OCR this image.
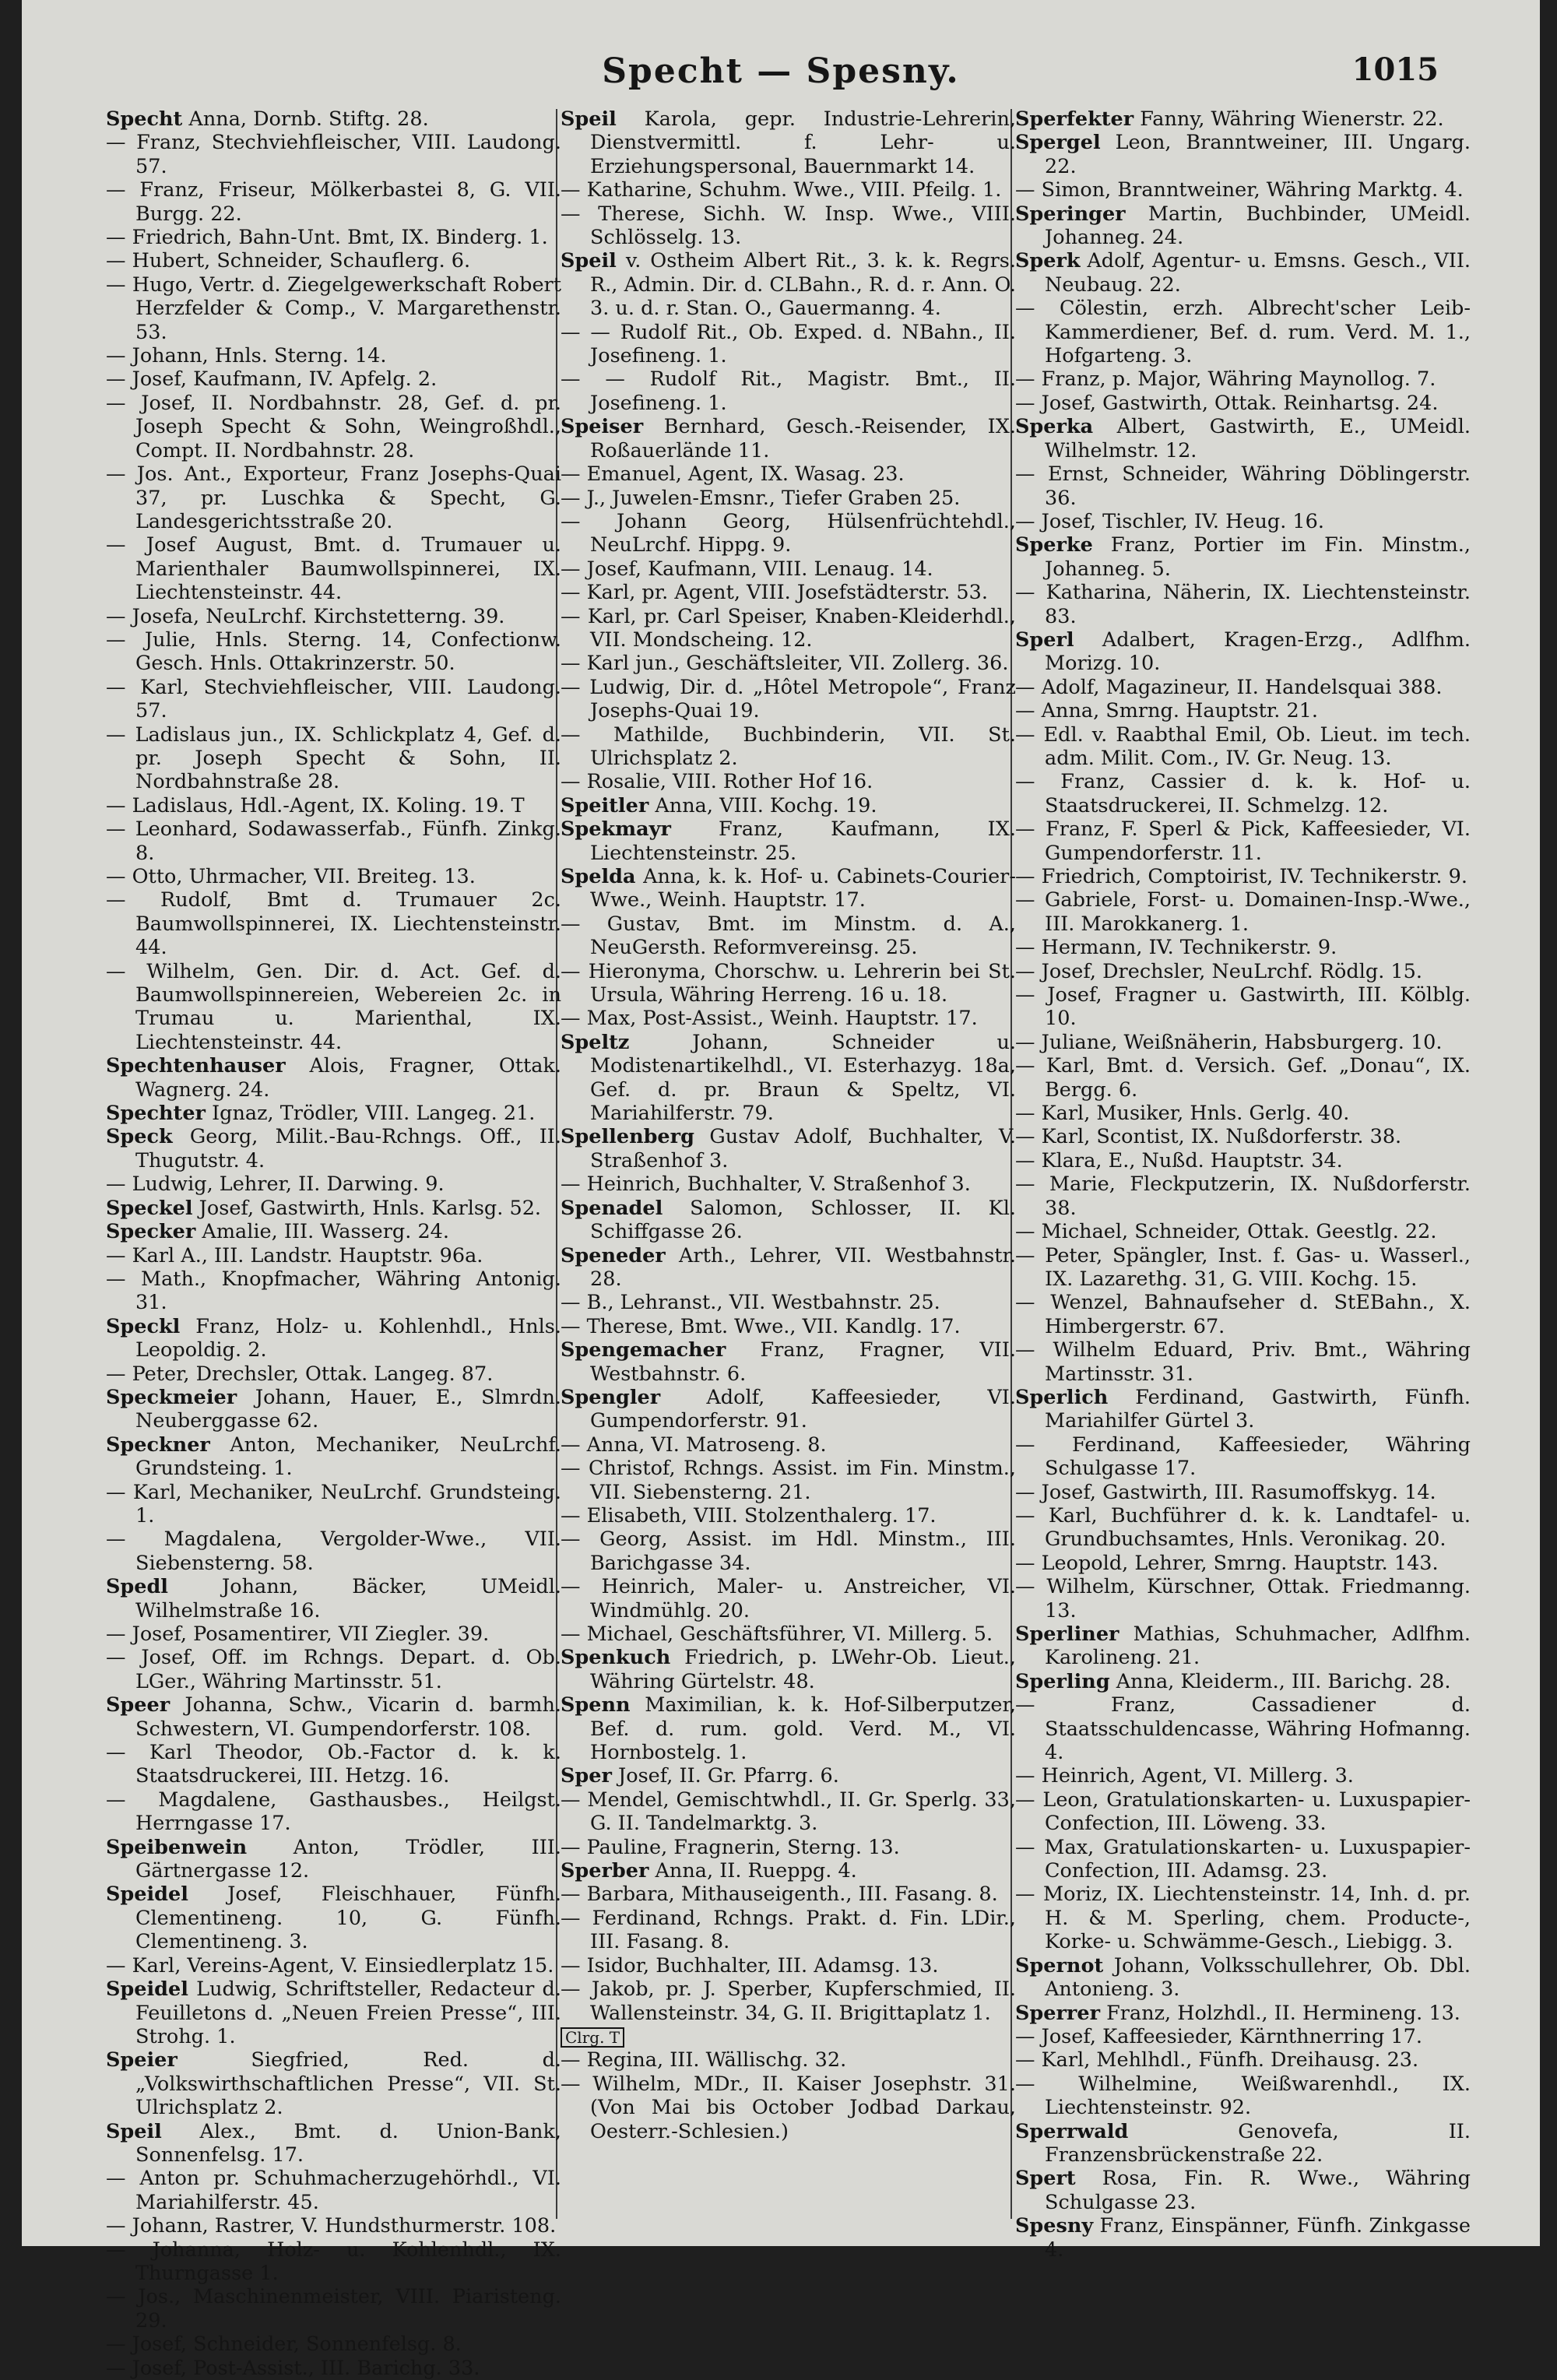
Specht — Spesny.	1015

Specht Anna, Dornb. Stiftg. 28.

— Franz, Stechviehfleischer, VIII. Laudong. 57.

— Franz, Friseur, Mölkerbastei 8, G. VII. Burgg. 22.

— Friedrich, Bahn-Unt. Bmt, IX. Binderg. 1.

— Hubert, Schneider, Schauflerg. 6.

— Hugo, Vertr. d. Ziegelgewerkschaft Robert Herzfelder & Comp., V. Margarethenstr. 53.

— Johann, Hnls. Sterng. 14.

— Josef, Kaufmann, IV. Apfelg. 2.

— Josef, II. Nordbahnstr. 28, Gef. d. pr. Joseph Specht & Sohn, Weingroßhdl., Compt. II. Nordbahnstr. 28.

— Jos. Ant., Exporteur, Franz Josephs-Quai 37, pr. Luschka & Specht, G. Landesgerichtsstraße 20.

— Josef August, Bmt. d. Trumauer u. Marienthaler Baumwollspinnerei, IX. Liechtensteinstr. 44.

— Josefa, NeuLrchf. Kirchstetterng. 39.

— Julie, Hnls. Sterng. 14, Confectionw. Gesch. Hnls. Ottakrinzerstr. 50.

— Karl, Stechviehfleischer, VIII. Laudong. 57.

— Ladislaus jun., IX. Schlickplatz 4, Gef. d. pr. Joseph Specht & Sohn, II. Nordbahnstraße 28.

— Ladislaus, Hdl.-Agent, IX. Koling. 19. T

— Leonhard, Sodawasserfab., Fünfh. Zinkg. 8.

— Otto, Uhrmacher, VII. Breiteg. 13.

— Rudolf, Bmt d. Trumauer 2c. Baumwollspinnerei, IX. Liechtensteinstr. 44.

— Wilhelm, Gen. Dir. d. Act. Gef. d. Baumwollspinnereien, Webereien 2c. in Trumau u. Marienthal, IX. Liechtensteinstr. 44.

Spechtenhauser Alois, Fragner, Ottak. Wagnerg. 24.

Spechter Ignaz, Trödler, VIII. Langeg. 21.

Speck Georg, Milit.-Bau-Rchngs. Off., II. Thugutstr. 4.

— Ludwig, Lehrer, II. Darwing. 9.

Speckel Josef, Gastwirth, Hnls. Karlsg. 52.

Specker Amalie, III. Wasserg. 24.

— Karl A., III. Landstr. Hauptstr. 96a.

— Math., Knopfmacher, Währing Antonig. 31.

Speckl Franz, Holz- u. Kohlenhdl., Hnls. Leopoldig. 2.

— Peter, Drechsler, Ottak. Langeg. 87.

Speckmeier Johann, Hauer, E., Slmrdn. Neuberggasse 62.

Speckner Anton, Mechaniker, NeuLrchf. Grundsteing. 1.

— Karl, Mechaniker, NeuLrchf. Grundsteing. 1.

— Magdalena, Vergolder-Wwe., VII. Siebensterng. 58.

Spedl Johann, Bäcker, UMeidl. Wilhelmstraße 16.

— Josef, Posamentirer, VII Ziegler. 39.

— Josef, Off. im Rchngs. Depart. d. Ob. LGer., Währing Martinsstr. 51.

Speer Johanna, Schw., Vicarin d. barmh. Schwestern, VI. Gumpendorferstr. 108.

— Karl Theodor, Ob.-Factor d. k. k. Staatsdruckerei, III. Hetzg. 16.

— Magdalene, Gasthausbes., Heilgst. Herrngasse 17.

Speibenwein Anton, Trödler, III. Gärtnergasse 12.

Speidel Josef, Fleischhauer, Fünfh. Clementineng. 10, G. Fünfh. Clementineng. 3.

— Karl, Vereins-Agent, V. Einsiedlerplatz 15.

Speidel Ludwig, Schriftsteller, Redacteur d. Feuilletons d. „Neuen Freien Presse“, III. Strohg. 1.

Speier Siegfried, Red. d. „Volkswirthschaftlichen Presse“, VII. St. Ulrichsplatz 2.

Speil Alex., Bmt. d. Union-Bank, Sonnenfelsg. 17.

— Anton pr. Schuhmacherzugehörhdl., VI. Mariahilferstr. 45.

— Johann, Rastrer, V. Hundsthurmerstr. 108.

— Johanna, Holz- u. Kohlenhdl., IX. Thurngasse 1.

— Jos., Maschinenmeister, VIII. Piaristeng. 29.

— Josef, Schneider, Sonnenfelsg. 8.

— Josef, Post-Assist., III. Barichg. 33.

Speil Karola, gepr. Industrie-Lehrerin, Dienstvermittl. f. Lehr- u. Erziehungspersonal, Bauernmarkt 14.

— Katharine, Schuhm. Wwe., VIII. Pfeilg. 1.

— Therese, Sichh. W. Insp. Wwe., VIII. Schlösselg. 13.

Speil v. Ostheim Albert Rit., 3. k. k. Regrs. R., Admin. Dir. d. CLBahn., R. d. r. Ann. O. 3. u. d. r. Stan. O., Gauermanng. 4.

— — Rudolf Rit., Ob. Exped. d. NBahn., II. Josefineng. 1.

— — Rudolf Rit., Magistr. Bmt., II. Josefineng. 1.

Speiser Bernhard, Gesch.-Reisender, IX. Roßauerlände 11.

— Emanuel, Agent, IX. Wasag. 23.

— J., Juwelen-Emsnr., Tiefer Graben 25.

— Johann Georg, Hülsenfrüchtehdl., NeuLrchf. Hippg. 9.

— Josef, Kaufmann, VIII. Lenaug. 14.

— Karl, pr. Agent, VIII. Josefstädterstr. 53.

— Karl, pr. Carl Speiser, Knaben-Kleiderhdl., VII. Mondscheing. 12.

— Karl jun., Geschäftsleiter, VII. Zollerg. 36.

— Ludwig, Dir. d. „Hôtel Metropole“, Franz Josephs-Quai 19.

— Mathilde, Buchbinderin, VII. St. Ulrichsplatz 2.

— Rosalie, VIII. Rother Hof 16.

Speitler Anna, VIII. Kochg. 19.

Spekmayr Franz, Kaufmann, IX. Liechtensteinstr. 25.

Spelda Anna, k. k. Hof- u. Cabinets-Courier-Wwe., Weinh. Hauptstr. 17.

— Gustav, Bmt. im Minstm. d. A., NeuGersth. Reformvereinsg. 25.

— Hieronyma, Chorschw. u. Lehrerin bei St. Ursula, Währing Herreng. 16 u. 18.

— Max, Post-Assist., Weinh. Hauptstr. 17.

Speltz Johann, Schneider u. Modistenartikelhdl., VI. Esterhazyg. 18a, Gef. d. pr. Braun & Speltz, VI. Mariahilferstr. 79.

Spellenberg Gustav Adolf, Buchhalter, V. Straßenhof 3.

— Heinrich, Buchhalter, V. Straßenhof 3.

Spenadel Salomon, Schlosser, II. Kl. Schiffgasse 26.

Speneder Arth., Lehrer, VII. Westbahnstr. 28.

— B., Lehranst., VII. Westbahnstr. 25.

— Therese, Bmt. Wwe., VII. Kandlg. 17.

Spengemacher Franz, Fragner, VII. Westbahnstr. 6.

Spengler Adolf, Kaffeesieder, VI. Gumpendorferstr. 91.

— Anna, VI. Matroseng. 8.

— Christof, Rchngs. Assist. im Fin. Minstm., VII. Siebensterng. 21.

— Elisabeth, VIII. Stolzenthalerg. 17.

— Georg, Assist. im Hdl. Minstm., III. Barichgasse 34.

— Heinrich, Maler- u. Anstreicher, VI. Windmühlg. 20.

— Michael, Geschäftsführer, VI. Millerg. 5.

Spenkuch Friedrich, p. LWehr-Ob. Lieut., Währing Gürtelstr. 48.

Spenn Maximilian, k. k. Hof-Silberputzer, Bef. d. rum. gold. Verd. M., VI. Hornbostelg. 1.

Sper Josef, II. Gr. Pfarrg. 6.

— Mendel, Gemischtwhdl., II. Gr. Sperlg. 33, G. II. Tandelmarktg. 3.

— Pauline, Fragnerin, Sterng. 13.

Sperber Anna, II. Rueppg. 4.

— Barbara, Mithauseigenth., III. Fasang. 8.

— Ferdinand, Rchngs. Prakt. d. Fin. LDir., III. Fasang. 8.

— Isidor, Buchhalter, III. Adamsg. 13.

— Jakob, pr. J. Sperber, Kupferschmied, II. Wallensteinstr. 34, G. II. Brigittaplatz 1.

Clrg. T

— Regina, III. Wällischg. 32.

— Wilhelm, MDr., II. Kaiser Josephstr. 31. (Von Mai bis October Jodbad Darkau, Oesterr.-Schlesien.)

Sperfekter Fanny, Währing Wienerstr. 22.

Spergel Leon, Branntweiner, III. Ungarg. 22.

— Simon, Branntweiner, Währing Marktg. 4.

Speringer Martin, Buchbinder, UMeidl. Johanneg. 24.

Sperk Adolf, Agentur- u. Emsns. Gesch., VII. Neubaug. 22.

— Cölestin, erzh. Albrecht'scher Leib-Kammerdiener, Bef. d. rum. Verd. M. 1., Hofgarteng. 3.

— Franz, p. Major, Währing Maynollog. 7.

— Josef, Gastwirth, Ottak. Reinhartsg. 24.

Sperka Albert, Gastwirth, E., UMeidl. Wilhelmstr. 12.

— Ernst, Schneider, Währing Döblingerstr. 36.

— Josef, Tischler, IV. Heug. 16.

Sperke Franz, Portier im Fin. Minstm., Johanneg. 5.

— Katharina, Näherin, IX. Liechtensteinstr. 83.

Sperl Adalbert, Kragen-Erzg., Adlfhm. Morizg. 10.

— Adolf, Magazineur, II. Handelsquai 388.

— Anna, Smrng. Hauptstr. 21.

— Edl. v. Raabthal Emil, Ob. Lieut. im tech. adm. Milit. Com., IV. Gr. Neug. 13.

— Franz, Cassier d. k. k. Hof- u. Staatsdruckerei, II. Schmelzg. 12.

— Franz, F. Sperl & Pick, Kaffeesieder, VI. Gumpendorferstr. 11.

— Friedrich, Comptoirist, IV. Technikerstr. 9.

— Gabriele, Forst- u. Domainen-Insp.-Wwe., III. Marokkanerg. 1.

— Hermann, IV. Technikerstr. 9.

— Josef, Drechsler, NeuLrchf. Rödlg. 15.

— Josef, Fragner u. Gastwirth, III. Kölblg. 10.

— Juliane, Weißnäherin, Habsburgerg. 10.

— Karl, Bmt. d. Versich. Gef. „Donau“, IX. Bergg. 6.

— Karl, Musiker, Hnls. Gerlg. 40.

— Karl, Scontist, IX. Nußdorferstr. 38.

— Klara, E., Nußd. Hauptstr. 34.

— Marie, Fleckputzerin, IX. Nußdorferstr. 38.

— Michael, Schneider, Ottak. Geestlg. 22.

— Peter, Spängler, Inst. f. Gas- u. Wasserl., IX. Lazarethg. 31, G. VIII. Kochg. 15.

— Wenzel, Bahnaufseher d. StEBahn., X. Himbergerstr. 67.

— Wilhelm Eduard, Priv. Bmt., Währing Martinsstr. 31.

Sperlich Ferdinand, Gastwirth, Fünfh. Mariahilfer Gürtel 3.

— Ferdinand, Kaffeesieder, Währing Schulgasse 17.

— Josef, Gastwirth, III. Rasumoffskyg. 14.

— Karl, Buchführer d. k. k. Landtafel- u. Grundbuchsamtes, Hnls. Veronikag. 20.

— Leopold, Lehrer, Smrng. Hauptstr. 143.

— Wilhelm, Kürschner, Ottak. Friedmanng. 13.

Sperliner Mathias, Schuhmacher, Adlfhm. Karolineng. 21.

Sperling Anna, Kleiderm., III. Barichg. 28.

— Franz, Cassadiener d. Staatsschuldencasse, Währing Hofmanng. 4.

— Heinrich, Agent, VI. Millerg. 3.

— Leon, Gratulationskarten- u. Luxuspapier-Confection, III. Löweng. 33.

— Max, Gratulationskarten- u. Luxuspapier-Confection, III. Adamsg. 23.

— Moriz, IX. Liechtensteinstr. 14, Inh. d. pr. H. & M. Sperling, chem. Producte-, Korke- u. Schwämme-Gesch., Liebigg. 3.

Spernot Johann, Volksschullehrer, Ob. Dbl. Antonieng. 3.

Sperrer Franz, Holzhdl., II. Hermineng. 13.

— Josef, Kaffeesieder, Kärnthnerring 17.

— Karl, Mehlhdl., Fünfh. Dreihausg. 23.

— Wilhelmine, Weißwarenhdl., IX. Liechtensteinstr. 92.

Sperrwald Genovefa, II. Franzensbrückenstraße 22.

Spert Rosa, Fin. R. Wwe., Währing Schulgasse 23.

Spesny Franz, Einspänner, Fünfh. Zinkgasse 4.
